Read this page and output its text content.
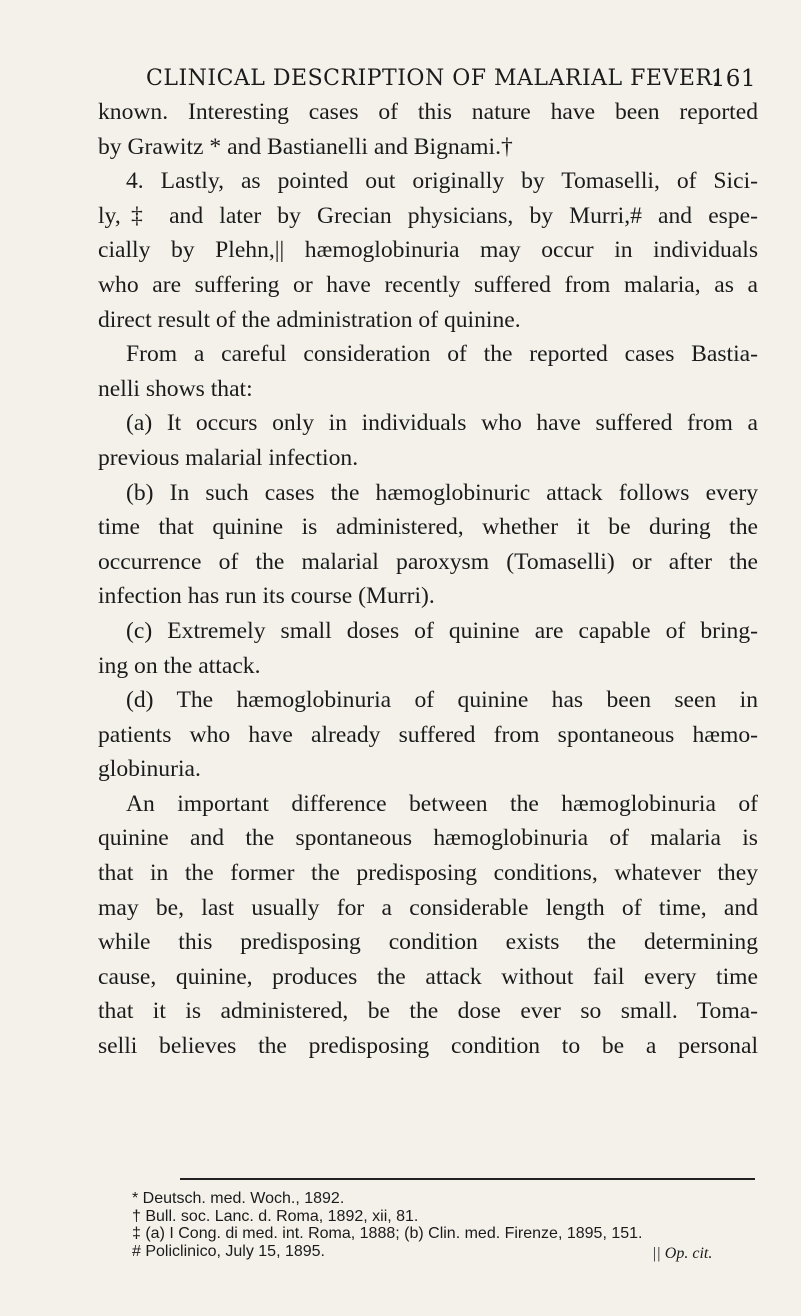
CLINICAL DESCRIPTION OF MALARIAL FEVER.
161
known. Interesting cases of this nature have been reported
by Grawitz * and Bastianelli and Bignami.†
4. Lastly, as pointed out originally by Tomaselli, of Sici-
ly,‡ and later by Grecian physicians, by Murri,# and espe-
cially by Plehn,|| hæmoglobinuria may occur in individuals
who are suffering or have recently suffered from malaria, as a
direct result of the administration of quinine.
From a careful consideration of the reported cases Bastia-
nelli shows that:
(a) It occurs only in individuals who have suffered from a
previous malarial infection.
(b) In such cases the hæmoglobinuric attack follows every
time that quinine is administered, whether it be during the
occurrence of the malarial paroxysm (Tomaselli) or after the
infection has run its course (Murri).
(c) Extremely small doses of quinine are capable of bring-
ing on the attack.
(d) The hæmoglobinuria of quinine has been seen in
patients who have already suffered from spontaneous hæmo-
globinuria.
An important difference between the hæmoglobinuria of
quinine and the spontaneous hæmoglobinuria of malaria is
that in the former the predisposing conditions, whatever they
may be, last usually for a considerable length of time, and
while this predisposing condition exists the determining
cause, quinine, produces the attack without fail every time
that it is administered, be the dose ever so small. Toma-
selli believes the predisposing condition to be a personal
* Deutsch. med. Woch., 1892.
† Bull. soc. Lanc. d. Roma, 1892, xii, 81.
‡ (a) I Cong. di med. int. Roma, 1888; (b) Clin. med. Firenze, 1895, 151.
# Policlinico, July 15, 1895.	|| Op. cit.
